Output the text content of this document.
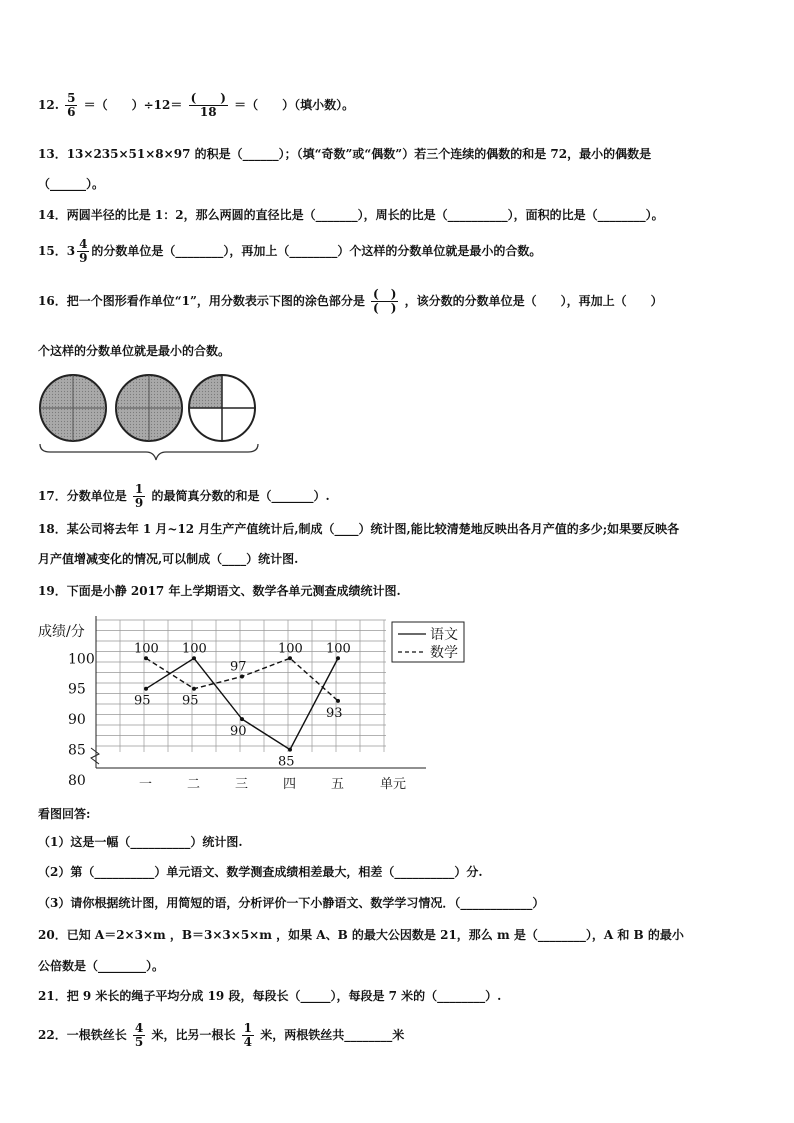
12. $\frac{5}{6}$ ＝（　　）$\div 12= \frac{( )}{18}$ ＝（　　）（填小数）。
13．13×235×51×8×97 的积是（______）；（填“奇数”或“偶数”）若三个连续的偶数的和是 72，最小的偶数是
（______）。
14．两圆半径的比是 1：2，那么两圆的直径比是（_______），周长的比是（__________），面积的比是（________）。
15．$3 \frac{4}{9}$ 的分数单位是（________），再加上（________）个这样的分数单位就是最小的合数。
16．把一个图形看作单位“1”，用分数表示下图的涂色部分是 $\frac{( )}{( )}$ ，该分数的分数单位是（　　），再加上（　　）
个这样的分数单位就是最小的合数。
17．分数单位是 $\frac{1}{9}$ 的最简真分数的和是（_______）.
18．某公司将去年 1 月~12 月生产产值统计后,制成（____）统计图,能比较清楚地反映出各月产值的多少;如果要反映各
月产值增减变化的情况,可以制成（____）统计图.
19．下面是小静 2017 年上学期语文、数学各单元测查成绩统计图.
成绩/分
100
95
90
85
80	一	二	三	四	五	单元
95
100 100
95
90
97
85
100 100
93
语文
数学
看图回答:
（1）这是一幅（__________）统计图.
（2）第（__________）单元语文、数学测查成绩相差最大，相差（__________）分.
（3）请你根据统计图，用简短的语，分析评价一下小静语文、数学学习情况．（____________）
20．已知 A＝2×3×m ，B＝3×3×5×m ，如果 A、B 的最大公因数是 21，那么 m 是（________），A 和 B 的最小
公倍数是（________）。
21．把 9 米长的绳子平均分成 19 段，每段长（_____），每段是 7 米的（________）.
22．一根铁丝长 $\frac{4}{5}$ 米，比另一根长 $\frac{1}{4}$ 米，两根铁丝共________米
